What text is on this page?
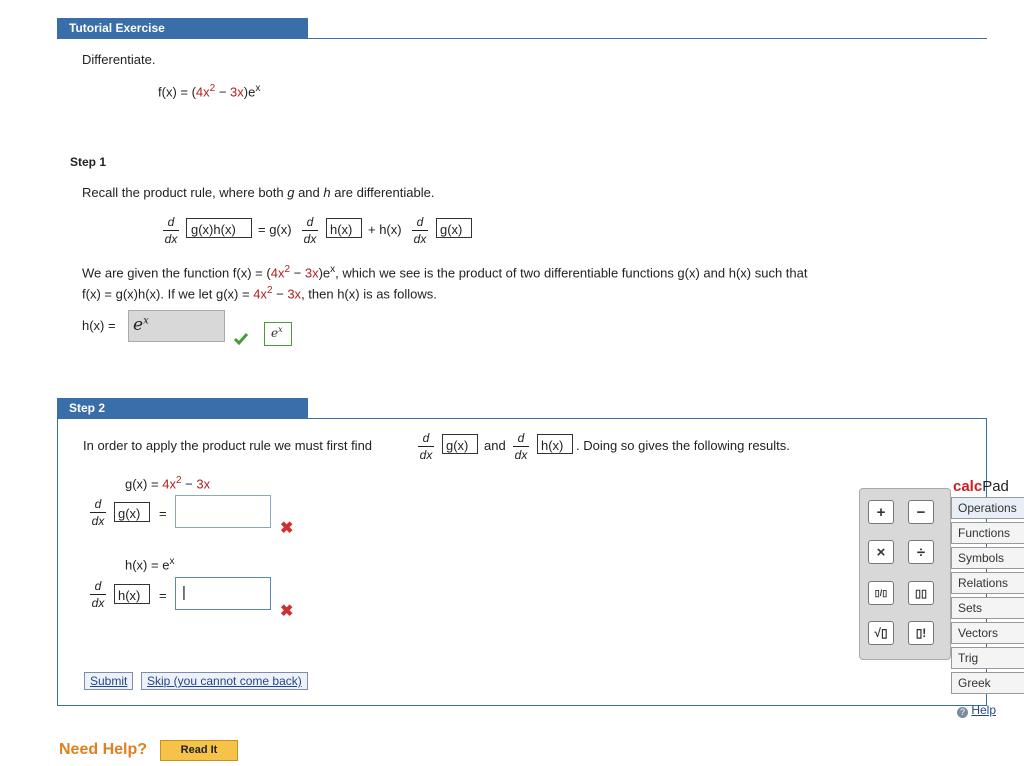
Tutorial Exercise
Differentiate.
$f(x) = (4x^2 - 3x)e^x$
Step 1
Recall the product rule, where both g and h are differentiable.
d
dx
g(x)h(x) = g(x) d
dx
h(x) + h(x) d
dx
g(x)
We are given the function $f(x) = (4x^2 - 3x)e^x$, which we see is the product of two differentiable functions g(x) and h(x) such that
f(x) = g(x)h(x). If we let $g(x) = 4x^2 - 3x$, then h(x) is as follows.
$h(x) = e^x$
$e^x$
Step 2
In order to apply the product rule we must first find	d
dx
g(x) and d
dx
h(x) . Doing so gives the following results.
$g(x) = 4x^2 - 3x$
d
dx g(x) =
✖
$h(x) = e^x$
d
dx h(x) = |
✖
Submit	Skip (you cannot come back)
Need Help?	Read It
calcPad
+	−
×	÷
▯/▯	▯▯
√▯	▯!
Operations
Functions
Symbols
Relations
Sets
Vectors
Trig
Greek
? Help
